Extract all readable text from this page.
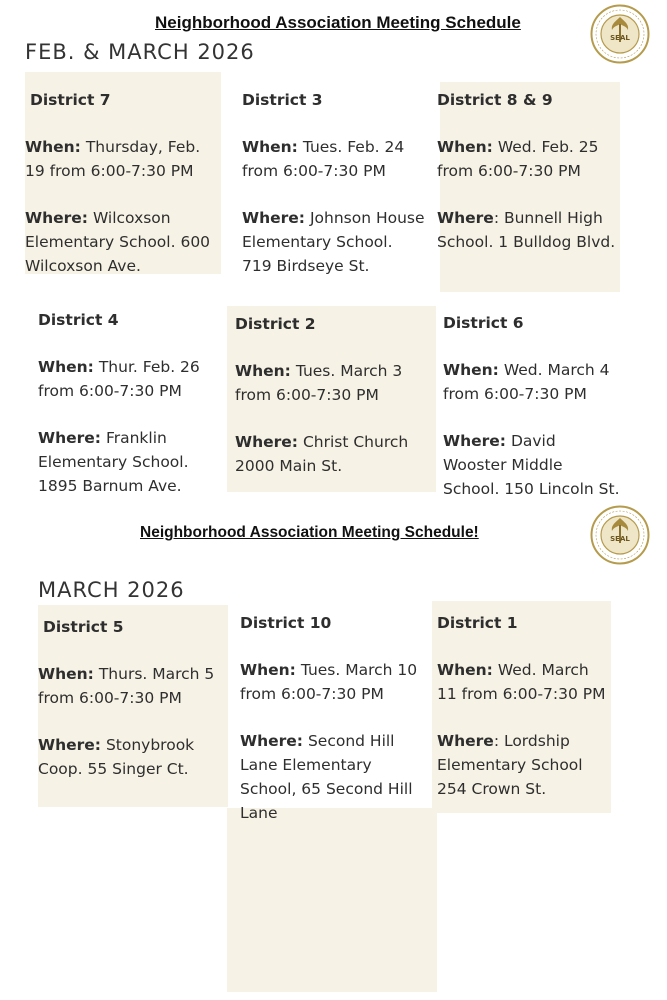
SEAL
SEAL
Neighborhood Association Meeting Schedule
FEB. & MARCH 2026
District 7
When: Thursday, Feb. 19 from 6:00-7:30 PM
Where: Wilcoxson Elementary School. 600 Wilcoxson Ave.
District 3
When: Tues. Feb. 24 from 6:00-7:30 PM
Where: Johnson House Elementary School. 719 Birdseye St.
District 8 & 9
When: Wed. Feb. 25 from 6:00-7:30 PM
Where: Bunnell High School. 1 Bulldog Blvd.
District 4
When: Thur. Feb. 26 from 6:00-7:30 PM
Where: Franklin Elementary School. 1895 Barnum Ave.
District 2
When: Tues. March 3 from 6:00-7:30 PM
Where: Christ Church 2000 Main St.
District 6
When: Wed. March 4 from 6:00-7:30 PM
Where: David Wooster Middle School. 150 Lincoln St.
Neighborhood Association Meeting Schedule!
MARCH 2026
District 5
When: Thurs. March 5 from 6:00-7:30 PM
Where: Stonybrook Coop. 55 Singer Ct.
District 10
When: Tues. March 10 from 6:00-7:30 PM
Where: Second Hill Lane Elementary School, 65 Second Hill Lane
District 1
When: Wed. March 11 from 6:00-7:30 PM
Where: Lordship Elementary School 254 Crown St.
